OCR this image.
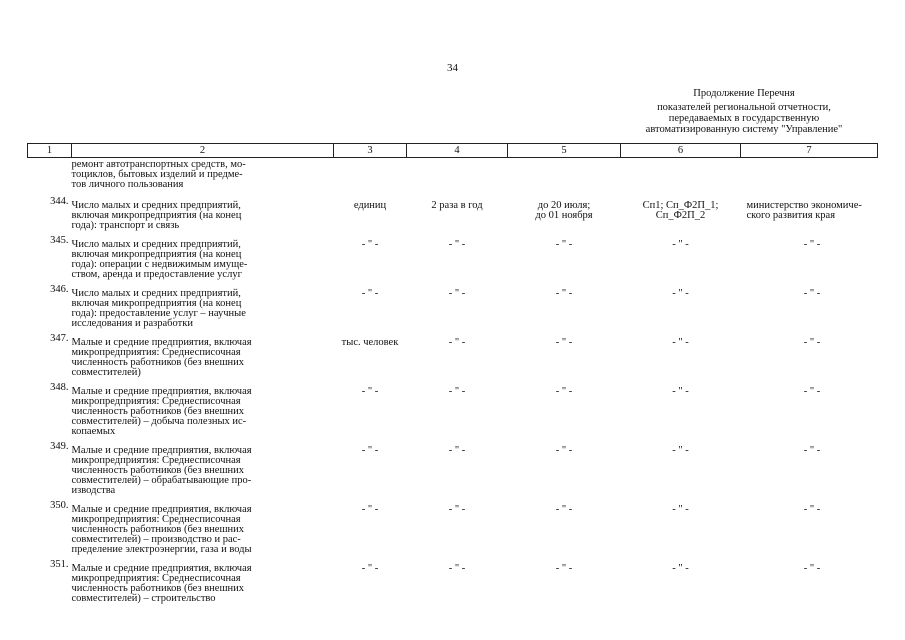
34
Продолжение Перечня
показателей региональной отчетности,
передаваемых в государственную
автоматизированную систему "Управление"
1	2	3	4	5	6	7

	ремонт автотранспортных средств, мо-
тоциклов, бытовых изделий и предме-
тов личного пользования					

344.	Число малых и средних предприятий,
включая микропредприятия (на конец
года): транспорт и связь	единиц	2 раза в год	до 20 июля;
до 01 ноября	Сп1; Сп_Ф2П_1;
Сп_Ф2П_2	министерство экономиче-
ского развития края

345.	Число малых и средних предприятий,
включая микропредприятия (на конец
года): операции с недвижимым имуще-
ством, аренда и предоставление услуг	- " -	- " -	- " -	- " -	- " -

346.	Число малых и средних предприятий,
включая микропредприятия (на конец
года): предоставление услуг – научные
исследования и разработки	- " -	- " -	- " -	- " -	- " -

347.	Малые и средние предприятия, включая
микропредприятия: Среднесписочная
численность работников (без внешних
совместителей)	тыс. человек	- " -	- " -	- " -	- " -

348.	Малые и средние предприятия, включая
микропредприятия: Среднесписочная
численность работников (без внешних
совместителей) – добыча полезных ис-
копаемых	- " -	- " -	- " -	- " -	- " -

349.	Малые и средние предприятия, включая
микропредприятия: Среднесписочная
численность работников (без внешних
совместителей) – обрабатывающие про-
изводства	- " -	- " -	- " -	- " -	- " -

350.	Малые и средние предприятия, включая
микропредприятия: Среднесписочная
численность работников (без внешних
совместителей) – производство и рас-
пределение электроэнергии, газа и воды	- " -	- " -	- " -	- " -	- " -

351.	Малые и средние предприятия, включая
микропредприятия: Среднесписочная
численность работников (без внешних
совместителей) – строительство	- " -	- " -	- " -	- " -	- " -
